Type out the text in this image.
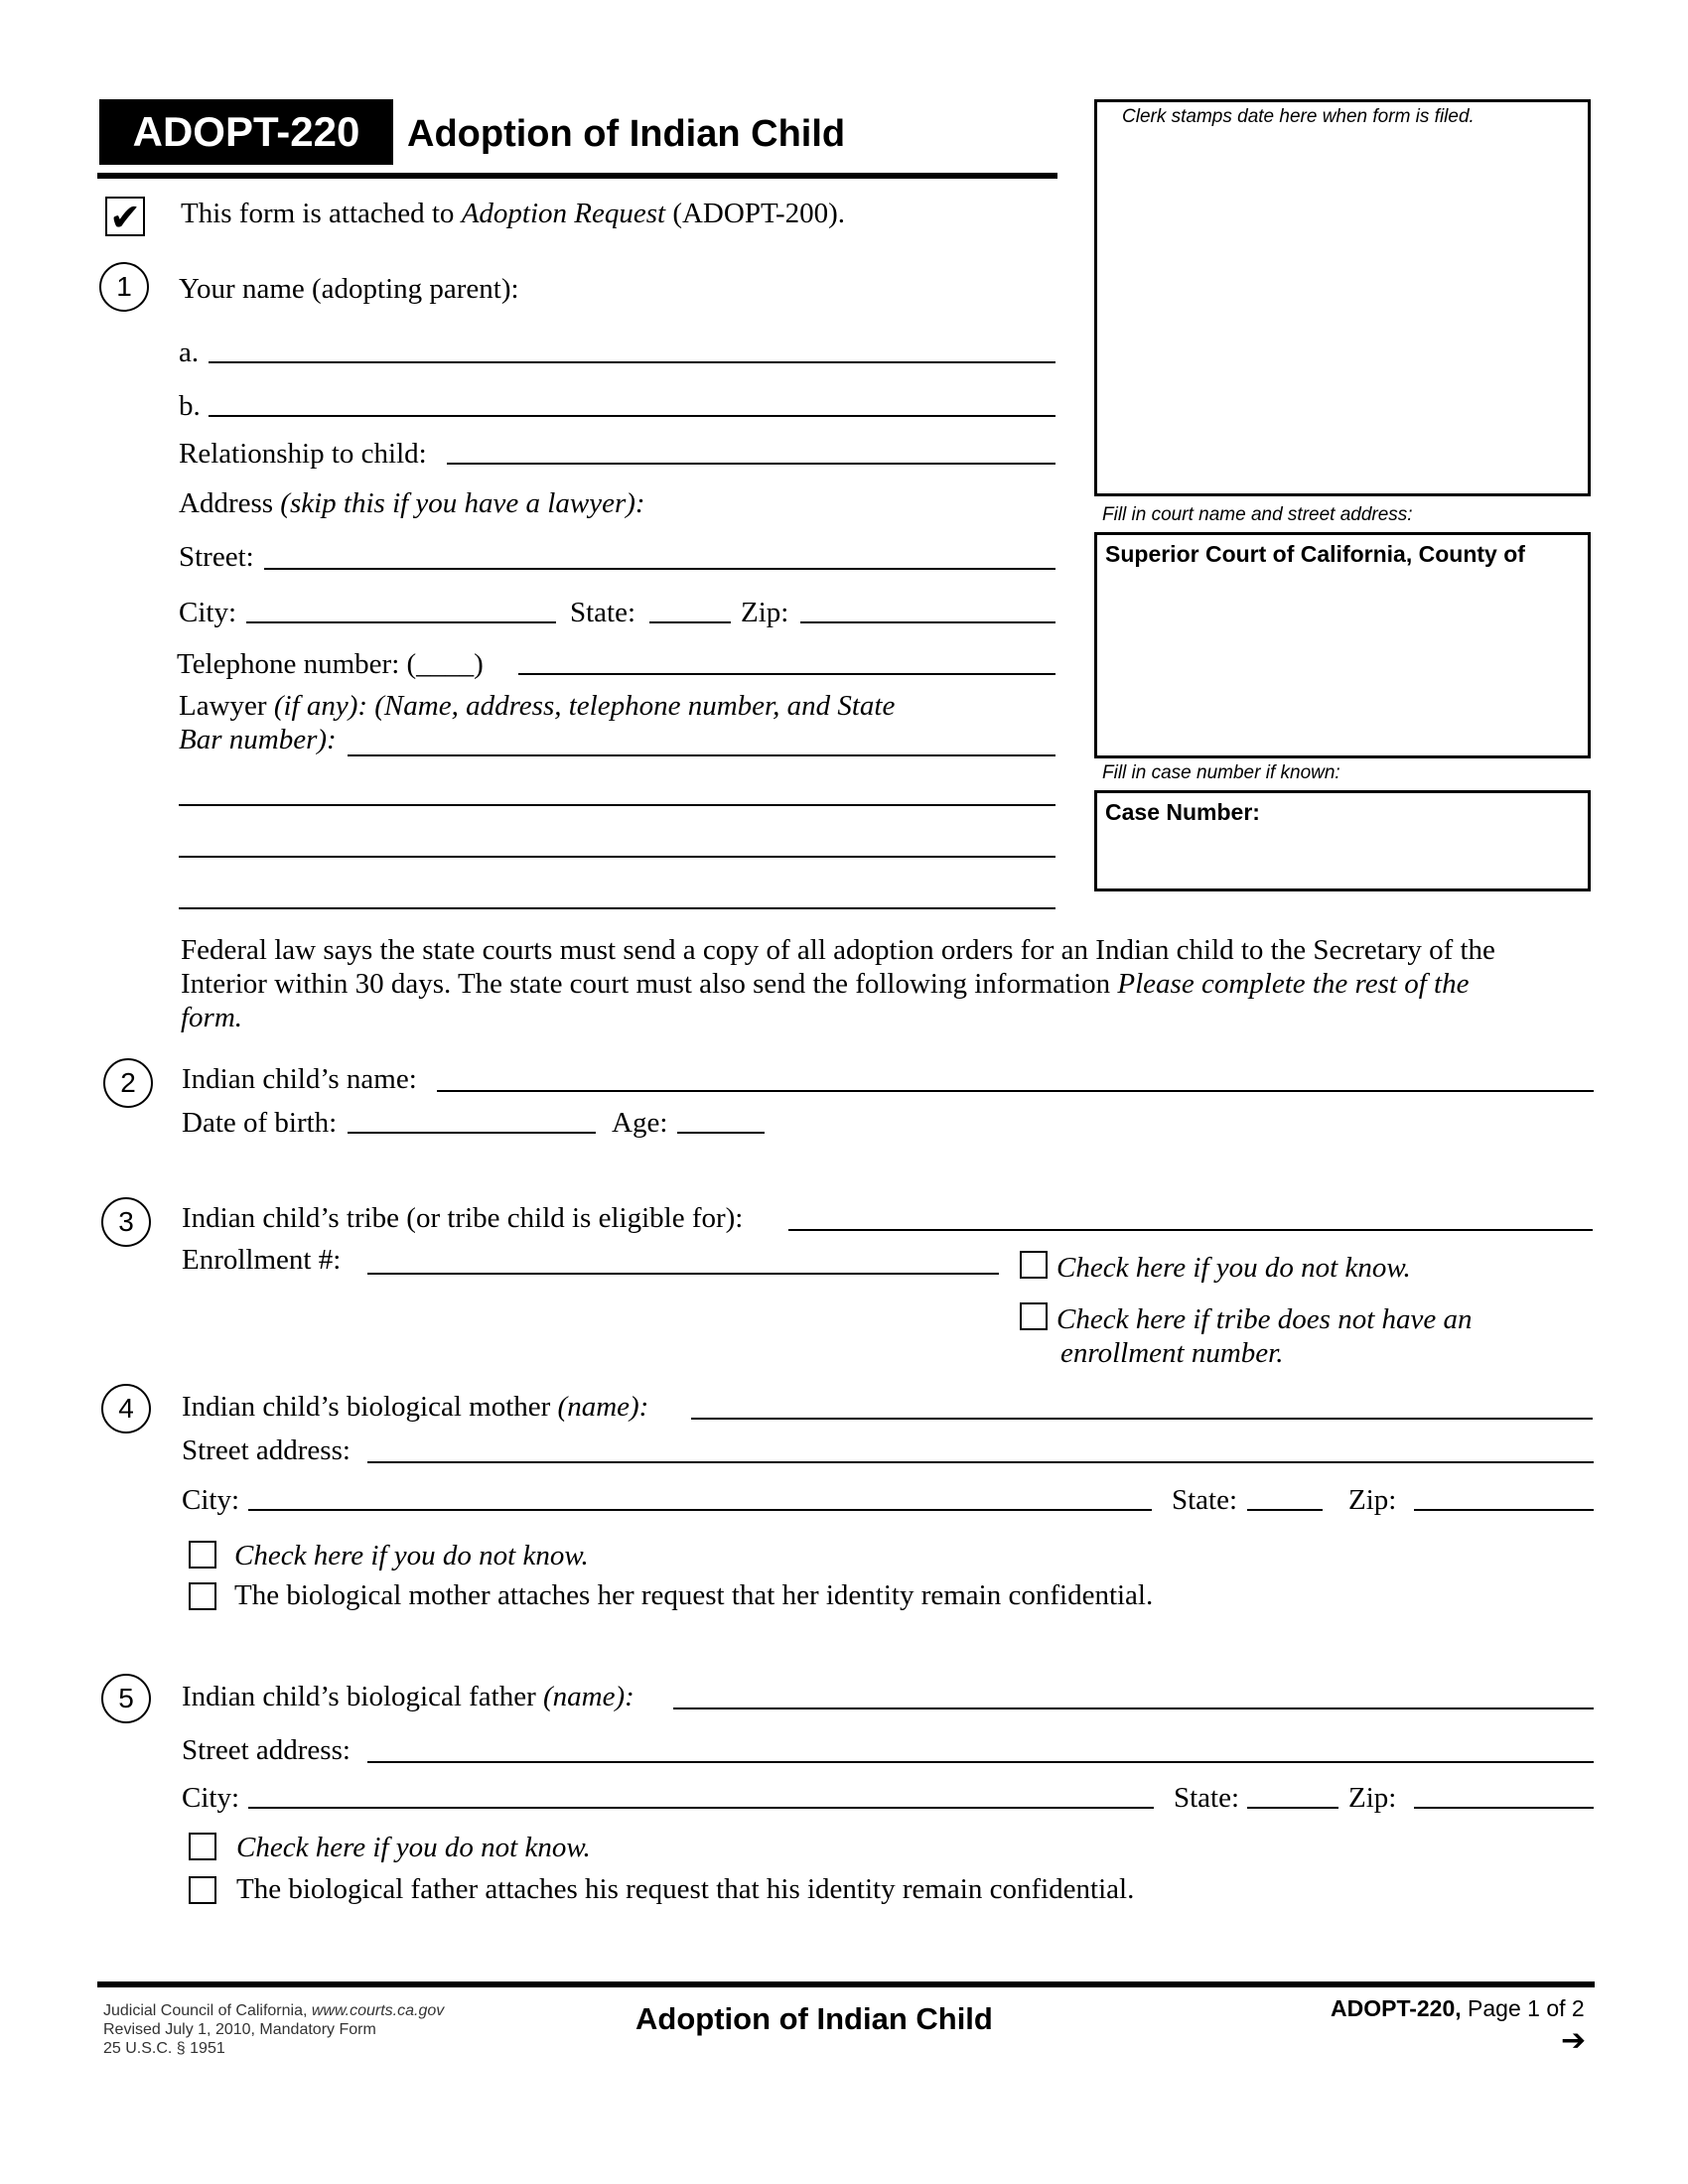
ADOPT-220	Adoption of Indian Child
✔ This form is attached to Adoption Request (ADOPT-200).
Clerk stamps date here when form is filed.
Fill in court name and street address:
Superior Court of California, County of
Fill in case number if known:
Case Number:
1	Your name (adopting parent):
a.
b.
Relationship to child:
Address (skip this if you have a lawyer):
Street:
City:	State:	Zip:
Telephone number: (____)
Lawyer (if any): (Name, address, telephone number, and State
Bar number):
Federal law says the state courts must send a copy of all adoption orders for an Indian child to the Secretary of the
Interior within 30 days. The state court must also send the following information Please complete the rest of the
form.
2	Indian child’s name:
Date of birth:	Age:
3	Indian child’s tribe (or tribe child is eligible for):
Enrollment #:	Check here if you do not know.
Check here if tribe does not have an
enrollment number.
4	Indian child’s biological mother (name):
Street address:
City:	State:	Zip:
Check here if you do not know.
The biological mother attaches her request that her identity remain confidential.
5	Indian child’s biological father (name):
Street address:
City:	State:	Zip:
Check here if you do not know.
The biological father attaches his request that his identity remain confidential.
Judicial Council of California, www.courts.ca.gov
Revised July 1, 2010, Mandatory Form
25 U.S.C. § 1951
Adoption of Indian Child	ADOPT-220, Page 1 of 2
➔
